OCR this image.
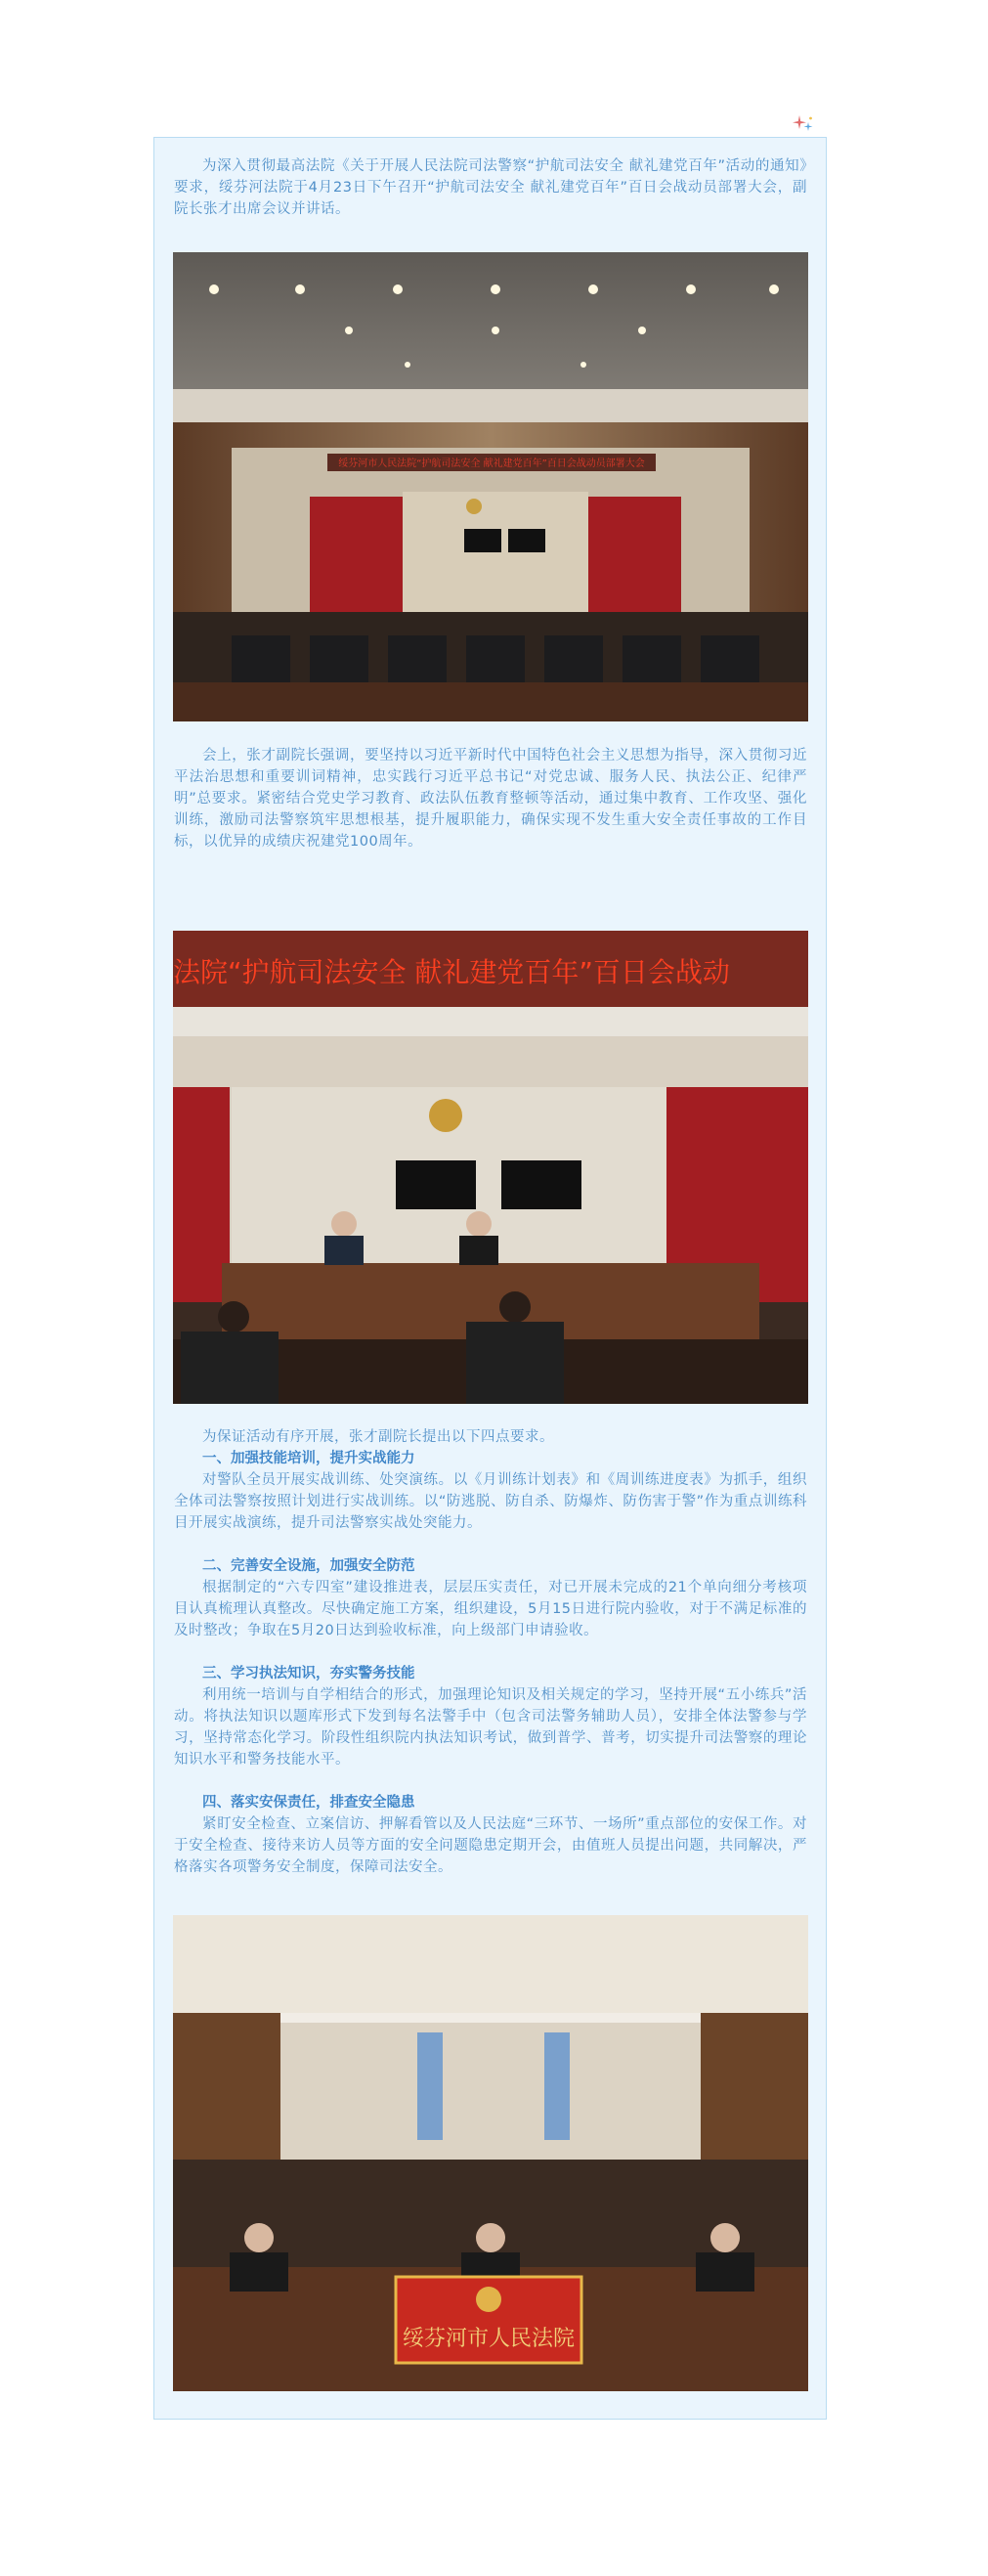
为深入贯彻最高法院《关于开展人民法院司法警察“护航司法安全 献礼建党百年”活动的通知》要求，绥芬河法院于4月23日下午召开“护航司法安全 献礼建党百年”百日会战动员部署大会，副院长张才出席会议并讲话。

绥芬河市人民法院“护航司法安全 献礼建党百年”百日会战动员部署大会

会上，张才副院长强调，要坚持以习近平新时代中国特色社会主义思想为指导，深入贯彻习近平法治思想和重要训词精神，忠实践行习近平总书记“对党忠诚、服务人民、执法公正、纪律严明”总要求。紧密结合党史学习教育、政法队伍教育整顿等活动，通过集中教育、工作攻坚、强化训练，激励司法警察筑牢思想根基，提升履职能力，确保实现不发生重大安全责任事故的工作目标，以优异的成绩庆祝建党100周年。

法院“护航司法安全 献礼建党百年”百日会战动

为保证活动有序开展，张才副院长提出以下四点要求。

一、加强技能培训，提升实战能力

对警队全员开展实战训练、处突演练。以《月训练计划表》和《周训练进度表》为抓手，组织全体司法警察按照计划进行实战训练。以“防逃脱、防自杀、防爆炸、防伤害于警”作为重点训练科目开展实战演练，提升司法警察实战处突能力。

二、完善安全设施，加强安全防范

根据制定的“六专四室”建设推进表，层层压实责任，对已开展未完成的21个单向细分考核项目认真梳理认真整改。尽快确定施工方案，组织建设，5月15日进行院内验收，对于不满足标准的及时整改；争取在5月20日达到验收标准，向上级部门申请验收。

三、学习执法知识，夯实警务技能

利用统一培训与自学相结合的形式，加强理论知识及相关规定的学习，坚持开展“五小练兵”活动。将执法知识以题库形式下发到每名法警手中（包含司法警务辅助人员），安排全体法警参与学习，坚持常态化学习。阶段性组织院内执法知识考试，做到普学、普考，切实提升司法警察的理论知识水平和警务技能水平。

四、落实安保责任，排查安全隐患

紧盯安全检查、立案信访、押解看管以及人民法庭“三环节、一场所”重点部位的安保工作。对于安全检查、接待来访人员等方面的安全问题隐患定期开会，由值班人员提出问题，共同解决，严格落实各项警务安全制度，保障司法安全。

绥芬河市人民法院
